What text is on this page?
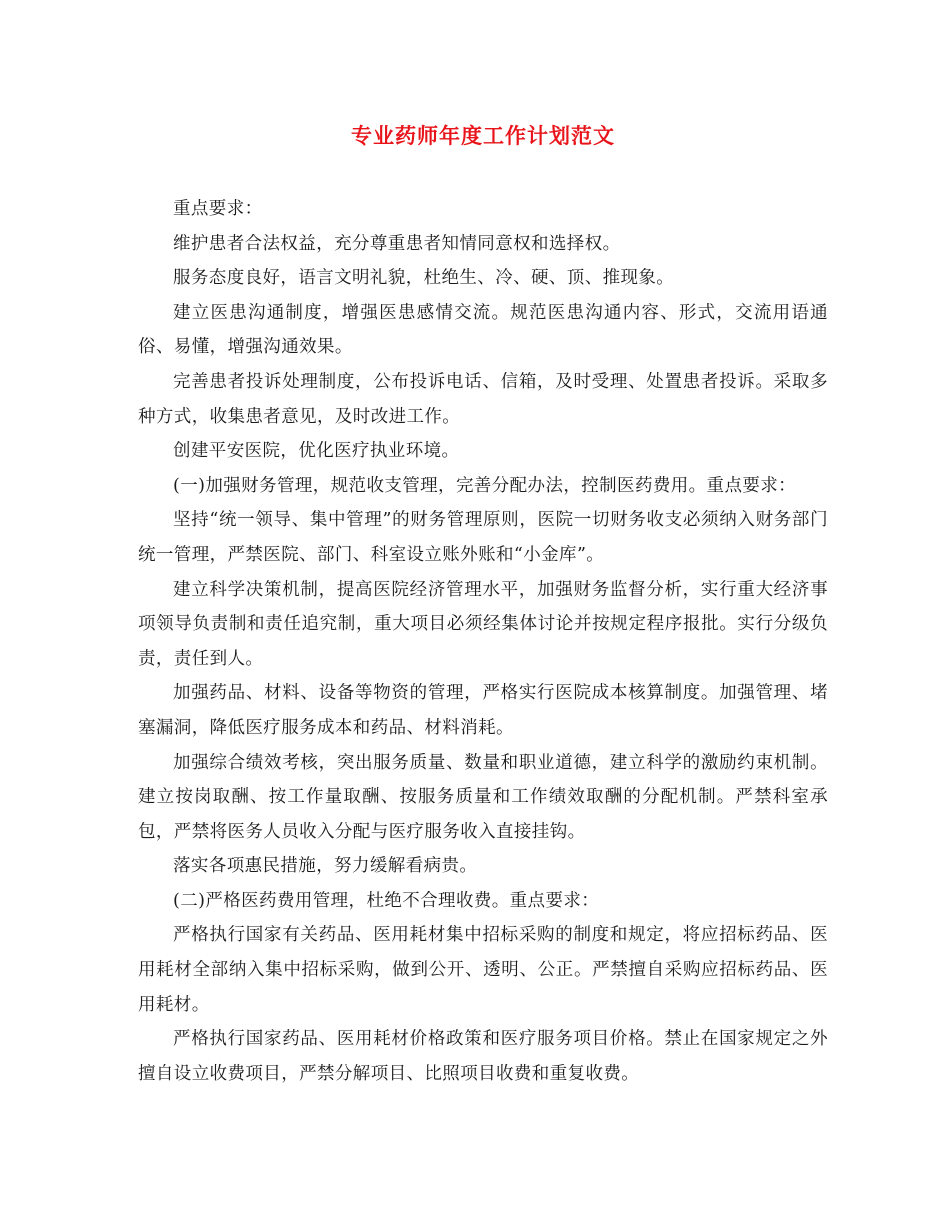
专业药师年度工作计划范文

重点要求：

维护患者合法权益，充分尊重患者知情同意权和选择权。

服务态度良好，语言文明礼貌，杜绝生、冷、硬、顶、推现象。

建立医患沟通制度，增强医患感情交流。规范医患沟通内容、形式，交流用语通俗、易懂，增强沟通效果。

完善患者投诉处理制度，公布投诉电话、信箱，及时受理、处置患者投诉。采取多种方式，收集患者意见，及时改进工作。

创建平安医院，优化医疗执业环境。

(一)加强财务管理，规范收支管理，完善分配办法，控制医药费用。重点要求：

坚持“统一领导、集中管理”的财务管理原则，医院一切财务收支必须纳入财务部门统一管理，严禁医院、部门、科室设立账外账和“小金库”。

建立科学决策机制，提高医院经济管理水平，加强财务监督分析，实行重大经济事项领导负责制和责任追究制，重大项目必须经集体讨论并按规定程序报批。实行分级负责，责任到人。

加强药品、材料、设备等物资的管理，严格实行医院成本核算制度。加强管理、堵塞漏洞，降低医疗服务成本和药品、材料消耗。

加强综合绩效考核，突出服务质量、数量和职业道德，建立科学的激励约束机制。建立按岗取酬、按工作量取酬、按服务质量和工作绩效取酬的分配机制。严禁科室承包，严禁将医务人员收入分配与医疗服务收入直接挂钩。

落实各项惠民措施，努力缓解看病贵。

(二)严格医药费用管理，杜绝不合理收费。重点要求：

严格执行国家有关药品、医用耗材集中招标采购的制度和规定，将应招标药品、医用耗材全部纳入集中招标采购，做到公开、透明、公正。严禁擅自采购应招标药品、医用耗材。

严格执行国家药品、医用耗材价格政策和医疗服务项目价格。禁止在国家规定之外擅自设立收费项目，严禁分解项目、比照项目收费和重复收费。
